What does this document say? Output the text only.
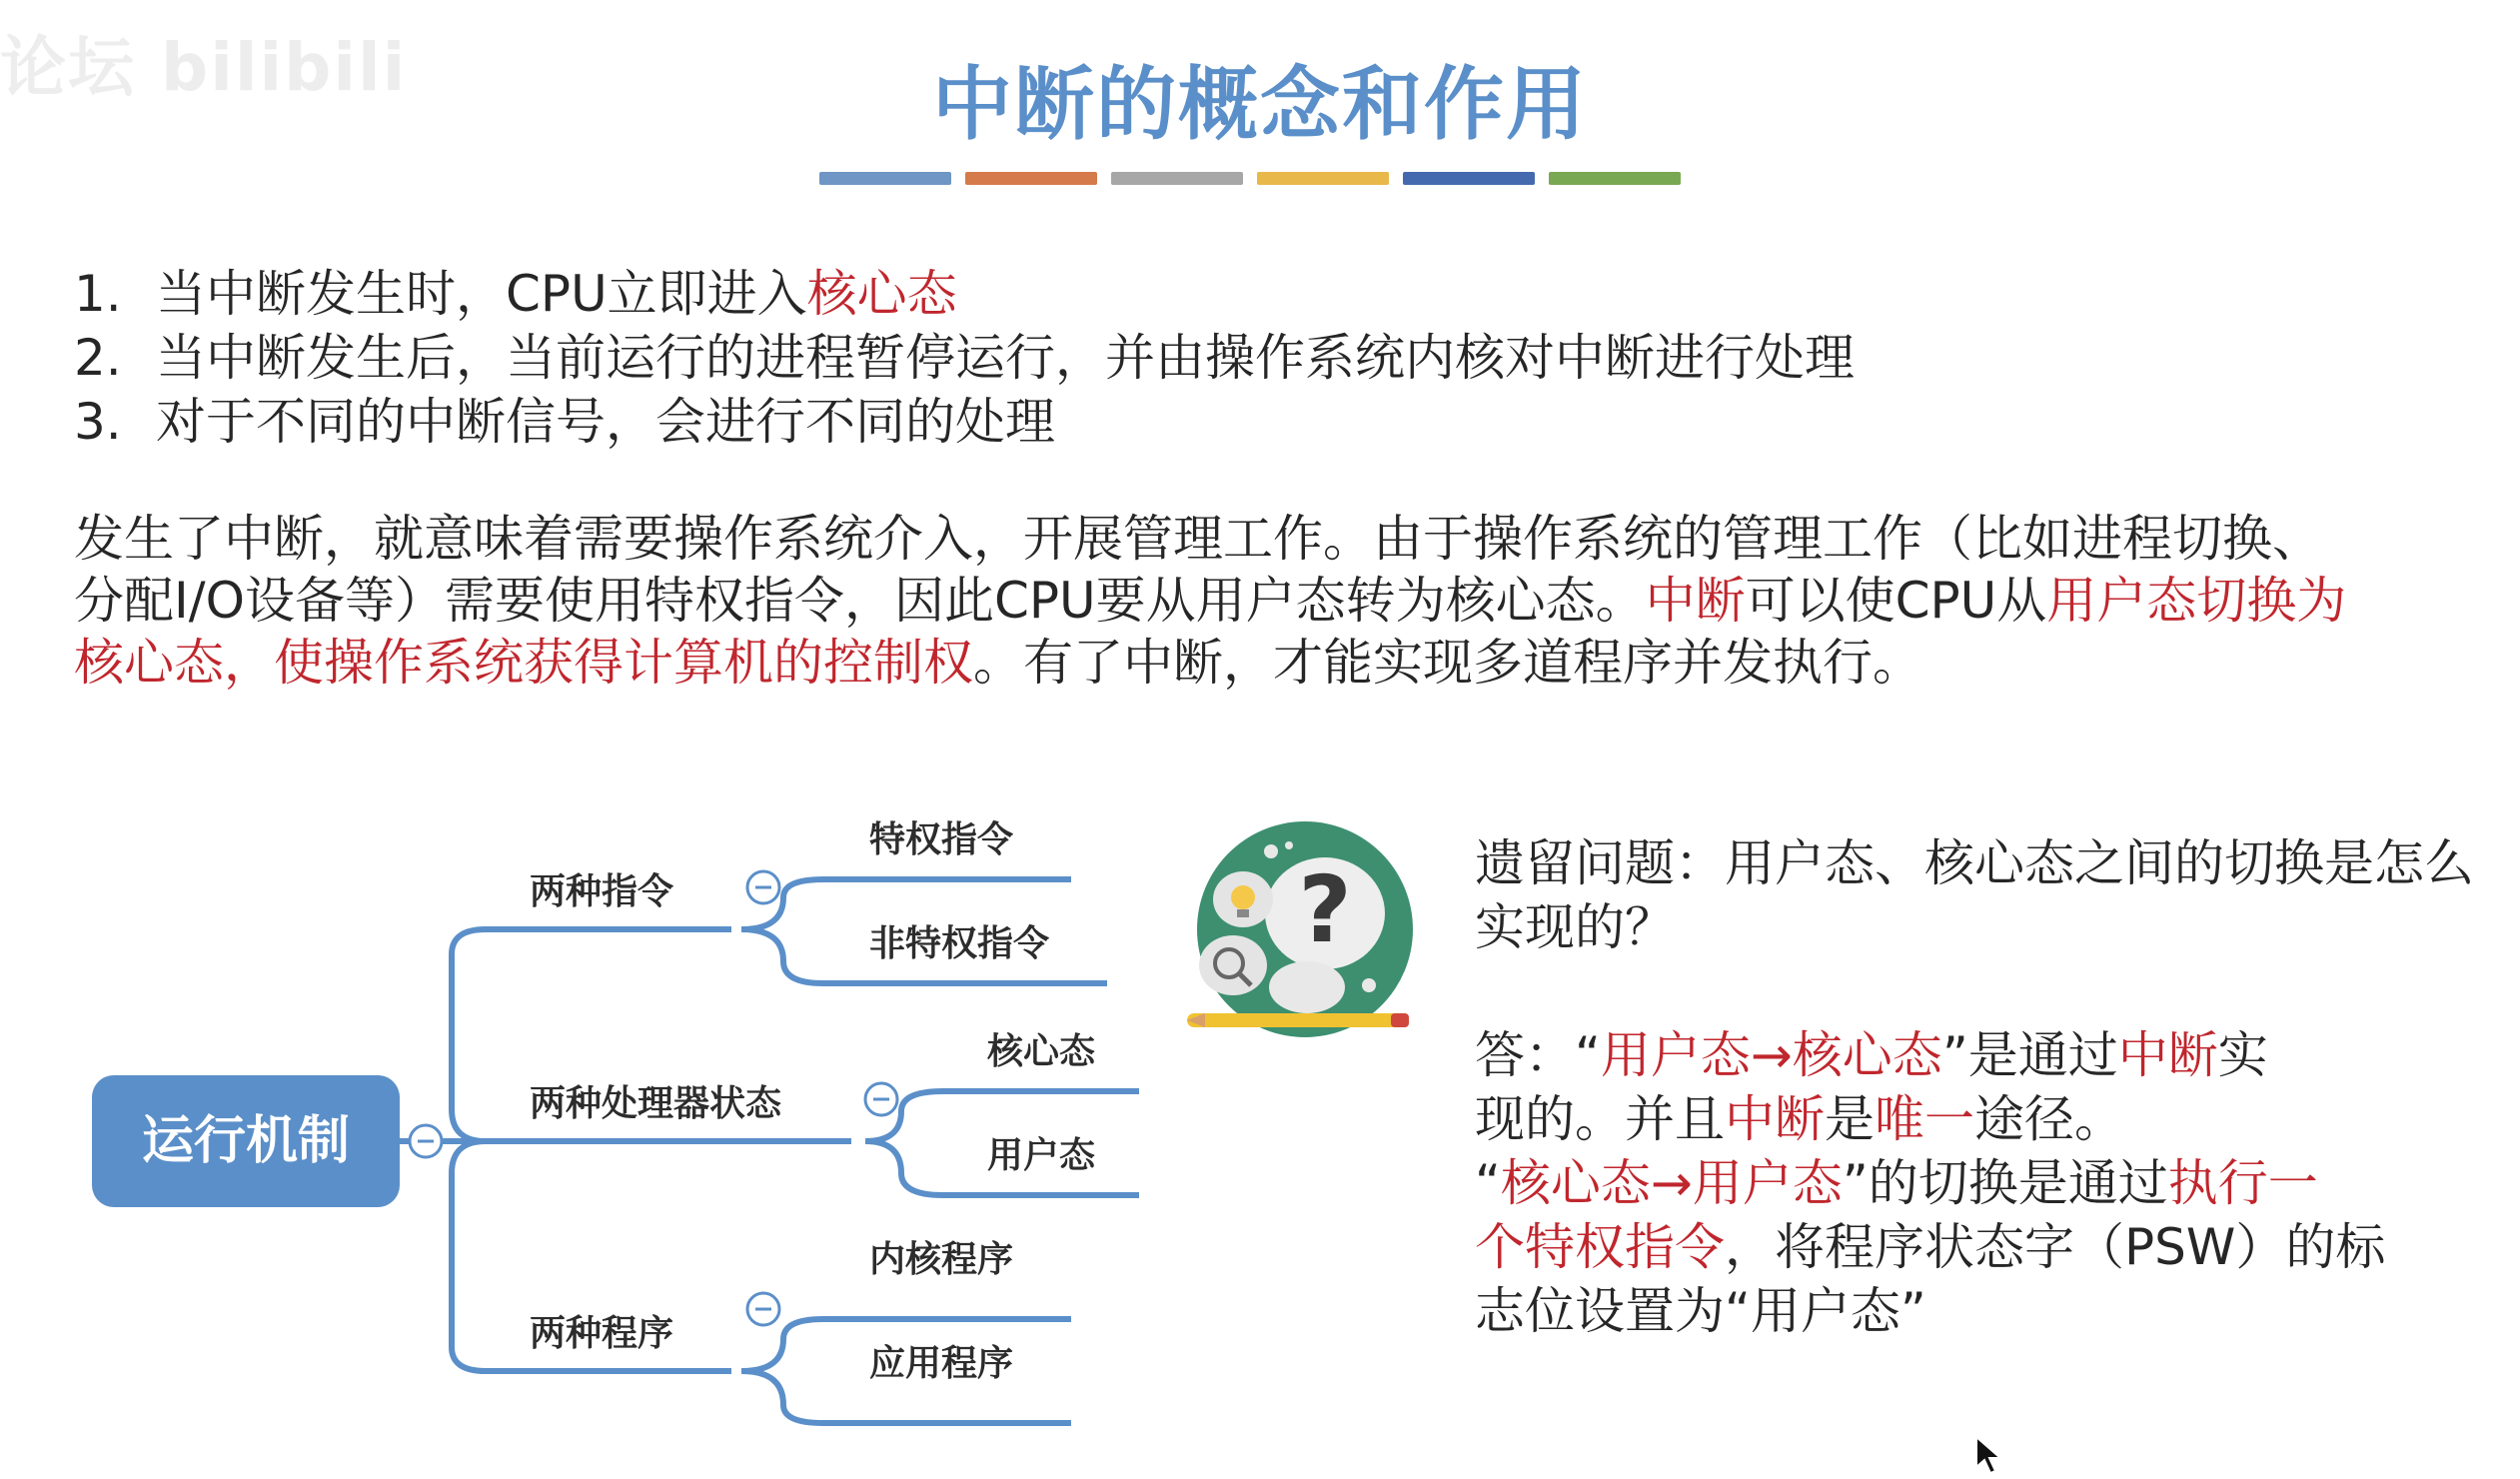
论坛 bilibili	中断的概念和作用
1. 当中断发生时，CPU立即进入核心态
2. 当中断发生后，当前运行的进程暂停运行，并由操作系统内核对中断进行处理
3. 对于不同的中断信号，会进行不同的处理
发生了中断，就意味着需要操作系统介入，开展管理工作。由于操作系统的管理工作（比如进程切换、
分配I/O设备等）需要使用特权指令，因此CPU要从用户态转为核心态。中断可以使CPU从用户态切换为
核心态，使操作系统获得计算机的控制权。有了中断，才能实现多道程序并发执行。
运行机制
两种指令
特权指令
非特权指令
两种处理器状态
核心态
用户态
两种程序
内核程序
应用程序
? 遗留问题：用户态、核心态之间的切换是怎么实现的？
答：“用户态→核心态”是通过中断实
现的。并且中断是唯一途径。
“核心态→用户态”的切换是通过执行一
个特权指令，将程序状态字（PSW）的标
志位设置为“用户态”
